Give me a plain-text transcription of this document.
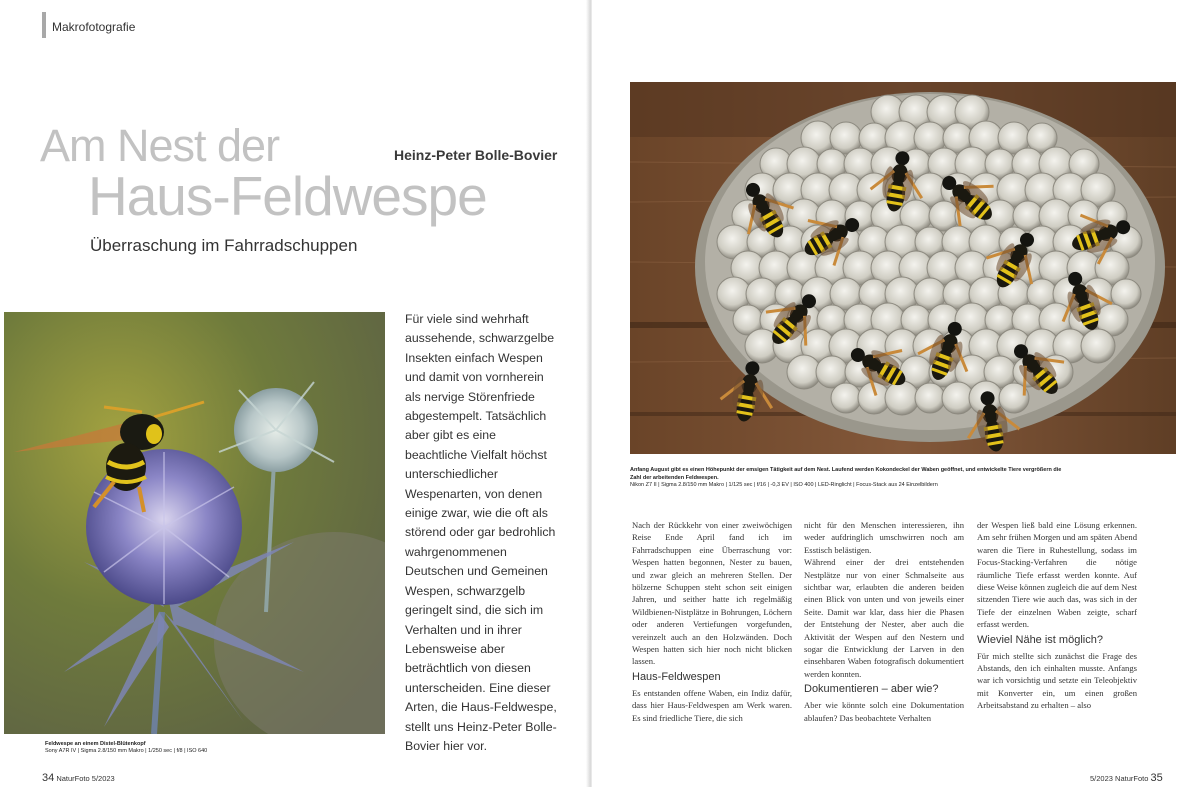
Makrofotografie
Am Nest der
Haus-Feldwespe
Heinz-Peter Bolle-Bovier
Überraschung im Fahrradschuppen

Für viele sind wehrhaft aussehende, schwarzgelbe Insekten einfach Wespen und damit von vornherein als nervige Störenfriede abgestempelt. Tatsächlich aber gibt es eine beachtliche Vielfalt höchst unterschiedlicher Wespenarten, von denen einige zwar, wie die oft als störend oder gar bedrohlich wahrgenommenen Deutschen und Gemeinen Wespen, schwarzgelb geringelt sind, die sich im Verhalten und in ihrer Lebensweise aber beträchtlich von diesen unterscheiden. Eine dieser Arten, die Haus-Feldwespe, stellt uns Heinz-Peter Bolle-Bovier hier vor.

Feldwespe an einem Distel-Blütenkopf
Sony A7R IV | Sigma 2.8/150 mm Makro | 1/250 sec | f/8 | ISO 640
34 NaturFoto 5/2023
Anfang August gibt es einen Höhepunkt der emsigen Tätigkeit auf dem Nest. Laufend werden Kokondeckel der Waben geöffnet, und entwickelte Tiere vergrößern die Zahl der arbeitenden Feldwespen.
Nikon Z7 II | Sigma 2.8/150 mm Makro | 1/125 sec | f/16 | -0,3 EV | ISO 400 | LED-Ringlicht | Focus-Stack aus 24 Einzelbildern

Nach der Rückkehr von einer zweiwöchigen Reise Ende April fand ich im Fahrradschuppen eine Überraschung vor: Wespen hatten begonnen, Nester zu bauen, und zwar gleich an mehreren Stellen. Der hölzerne Schuppen steht schon seit einigen Jahren, und seither hatte ich regelmäßig Wildbienen-Nistplätze in Bohrungen, Löchern oder anderen Vertiefungen vorgefunden, vereinzelt auch an den Holzwänden. Doch Wespen hatten sich hier noch nicht blicken lassen.

Haus-Feldwespen

Es entstanden offene Waben, ein Indiz dafür, dass hier Haus-Feldwespen am Werk waren. Es sind friedliche Tiere, die sich

nicht für den Menschen interessieren, ihn weder aufdringlich umschwirren noch am Esstisch belästigen.

Während einer der drei entstehenden Nestplätze nur von einer Schmalseite aus sichtbar war, erlaubten die anderen beiden einen Blick von unten und von jeweils einer Seite. Damit war klar, dass hier die Phasen der Entstehung der Nester, aber auch die Aktivität der Wespen auf den Nestern und sogar die Entwicklung der Larven in den einsehbaren Waben fotografisch dokumentiert werden konnten.

Dokumentieren – aber wie?

Aber wie könnte solch eine Dokumentation ablaufen? Das beobachtete Verhalten

der Wespen ließ bald eine Lösung erkennen. Am sehr frühen Morgen und am späten Abend waren die Tiere in Ruhestellung, sodass im Focus-Stacking-Verfahren die nötige räumliche Tiefe erfasst werden konnte. Auf diese Weise können zugleich die auf dem Nest sitzenden Tiere wie auch das, was sich in der Tiefe der einzelnen Waben zeigte, scharf erfasst werden.

Wieviel Nähe ist möglich?

Für mich stellte sich zunächst die Frage des Abstands, den ich einhalten musste. Anfangs war ich vorsichtig und setzte ein Teleobjektiv mit Konverter ein, um einen großen Arbeitsabstand zu erhalten – also

5/2023 NaturFoto 35
